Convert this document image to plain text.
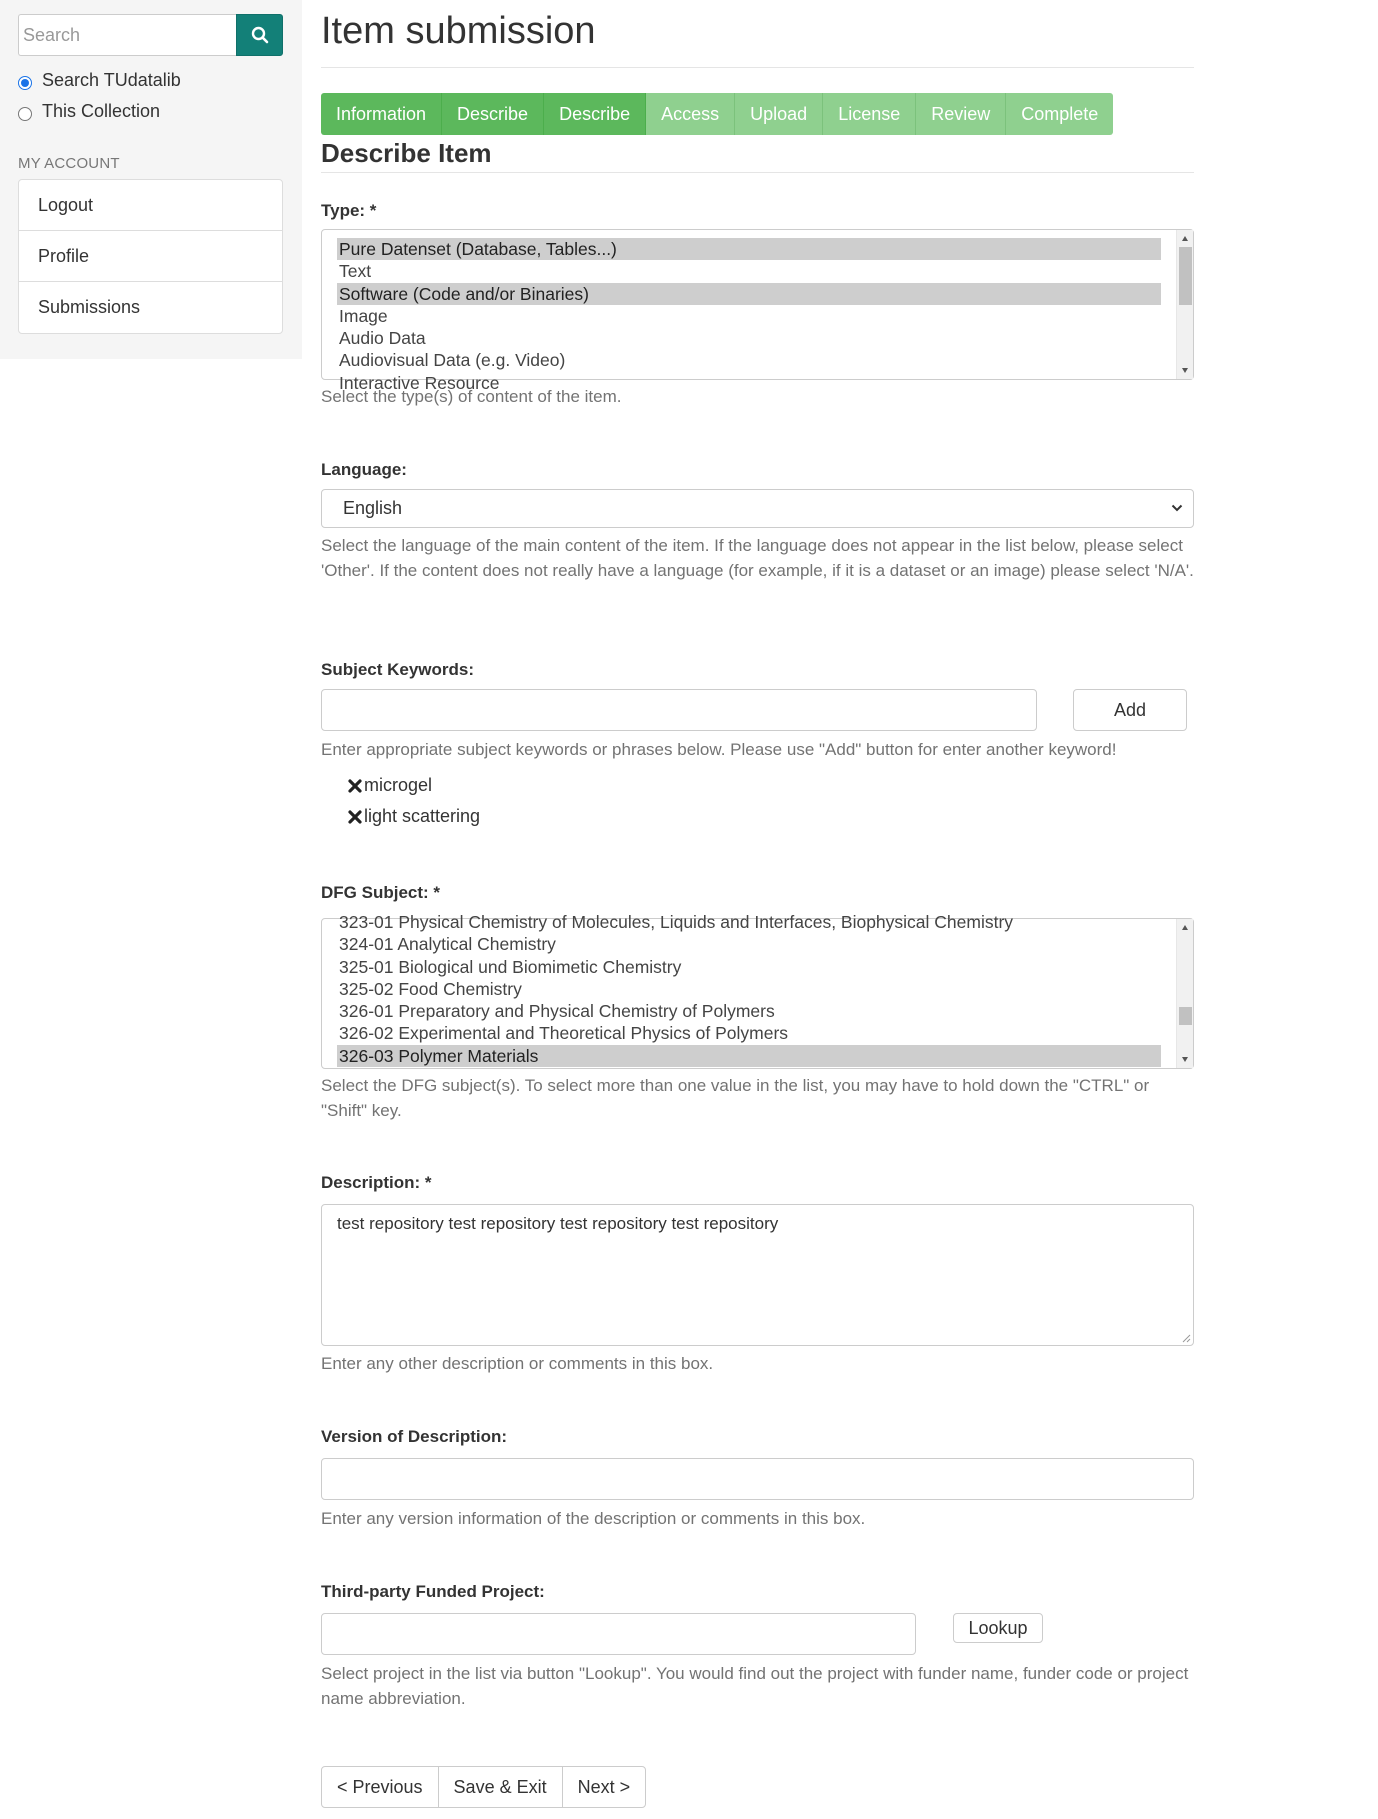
Search
Search TUdatalib
This Collection
MY ACCOUNT
Logout
Profile
Submissions
Item submission
Information	Describe	Describe	Access	Upload	License	Review	Complete
Describe Item
Type: *
Pure Datenset (Database, Tables...)
Text
Software (Code and/or Binaries)
Image
Audio Data
Audiovisual Data (e.g. Video)
Interactive Resource
Select the type(s) of content of the item.
Language:
English
Select the language of the main content of the item. If the language does not appear in the list below, please select 'Other'. If the content does not really have a language (for example, if it is a dataset or an image) please select 'N/A'.
Subject Keywords:
Add
Enter appropriate subject keywords or phrases below. Please use "Add" button for enter another keyword!
microgel
light scattering
DFG Subject: *
323-01 Physical Chemistry of Molecules, Liquids and Interfaces, Biophysical Chemistry
324-01 Analytical Chemistry
325-01 Biological und Biomimetic Chemistry
325-02 Food Chemistry
326-01 Preparatory and Physical Chemistry of Polymers
326-02 Experimental and Theoretical Physics of Polymers
326-03 Polymer Materials
Select the DFG subject(s). To select more than one value in the list, you may have to hold down the "CTRL" or "Shift" key.
Description: *
test repository test repository test repository test repository
Enter any other description or comments in this box.
Version of Description:
Enter any version information of the description or comments in this box.
Third-party Funded Project:
Lookup
Select project in the list via button "Lookup". You would find out the project with funder name, funder code or project name abbreviation.
< Previous	Save & Exit	Next >
